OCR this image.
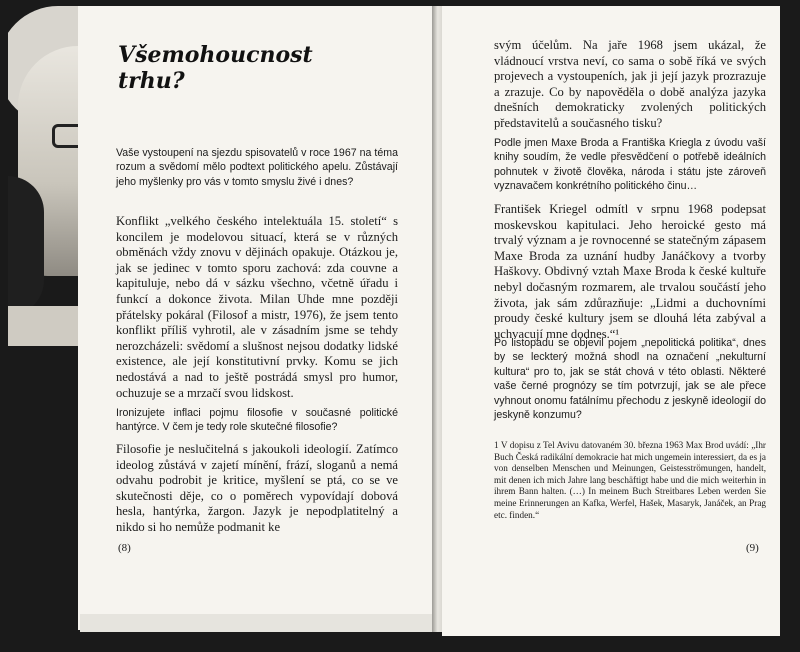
Všemohoucnost
trhu?
Vaše vystoupení na sjezdu spisovatelů v roce 1967 na téma rozum a svědomí mělo podtext politického apelu. Zůstávají jeho myšlenky pro vás v tomto smyslu živé i dnes?
Konflikt „velkého českého intelektuála 15. století“ s koncilem je modelovou situací, která se v různých obměnách vždy znovu v dějinách opakuje. Otázkou je, jak se jedinec v tomto sporu zachová: zda couvne a kapituluje, nebo dá v sázku všechno, včetně úřadu i funkcí a dokonce života. Milan Uhde mne později přátelsky pokáral (Filosof a mistr, 1976), že jsem tento konflikt příliš vyhrotil, ale v zásadním jsme se tehdy nerozcházeli: svědomí a slušnost nejsou dodatky lidské existence, ale její konstitutivní prvky. Komu se jich nedostává a nad to ještě postrádá smysl pro humor, ochuzuje se a mrzačí svou lidskost.
Ironizujete inflaci pojmu filosofie v současné politické hantýrce. V čem je tedy role skutečné filosofie?
Filosofie je neslučitelná s jakoukoli ideologií. Zatímco ideolog zůstává v zajetí mínění, frází, sloganů a nemá odvahu podrobit je kritice, myšlení se ptá, co se ve skutečnosti děje, co o poměrech vypovídají dobová hesla, hantýrka, žargon. Jazyk je nepodplatitelný a nikdo si ho nemůže podmanit ke
(8)
svým účelům. Na jaře 1968 jsem ukázal, že vládnoucí vrstva neví, co sama o sobě říká ve svých projevech a vystoupeních, jak ji její jazyk prozrazuje a zrazuje. Co by napověděla o době analýza jazyka dnešních demokraticky zvolených politických představitelů a současného tisku?
Podle jmen Maxe Broda a Františka Kriegla z úvodu vaší knihy soudím, že vedle přesvědčení o potřebě ideálních pohnutek v životě člověka, národa i státu jste zároveň vyznavačem konkrétního politického činu…
František Kriegel odmítl v srpnu 1968 podepsat moskevskou kapitulaci. Jeho heroické gesto má trvalý význam a je rovnocenné se statečným zápasem Maxe Broda za uznání hudby Janáčkovy a tvorby Haškovy. Obdivný vztah Maxe Broda k české kultuře nebyl dočasným rozmarem, ale trvalou součástí jeho života, jak sám zdůrazňuje: „Lidmi a duchovními proudy české kultury jsem se dlouhá léta zabýval a uchvacují mne dodnes.“¹
Po listopadu se objevil pojem „nepolitická politika“, dnes by se leckterý možná shodl na označení „nekulturní kultura“ pro to, jak se stát chová v této oblasti. Některé vaše černé prognózy se tím potvrzují, jak se ale přece vyhnout onomu fatálnímu přechodu z jeskyně ideologií do jeskyně konzumu?
1 V dopisu z Tel Avivu datovaném 30. března 1963 Max Brod uvádí: „Ihr Buch Česká radikální demokracie hat mich ungemein interessiert, da es ja von denselben Menschen und Meinungen, Geistesströmungen, handelt, mit denen ich mich Jahre lang beschäftigt habe und die mich weiterhin in ihrem Bann halten. (…) In meinem Buch Streitbares Leben werden Sie meine Erinnerungen an Kafka, Werfel, Hašek, Masaryk, Janáček, an Prag etc. finden.“
(9)
